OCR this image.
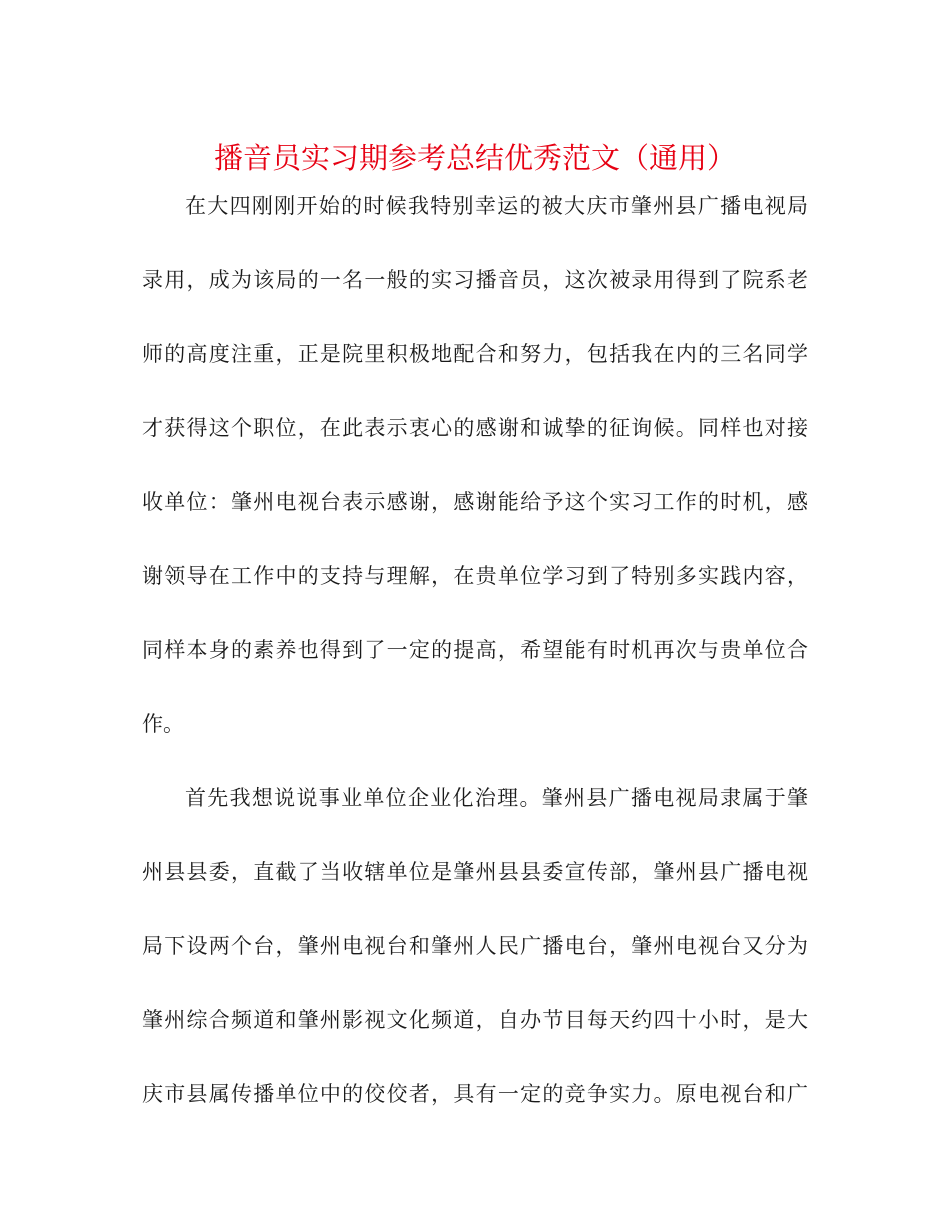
播音员实习期参考总结优秀范文（通用）

在大四刚刚开始的时候我特别幸运的被大庆市肇州县广播电视局
录用，成为该局的一名一般的实习播音员，这次被录用得到了院系老
师的高度注重，正是院里积极地配合和努力，包括我在内的三名同学
才获得这个职位，在此表示衷心的感谢和诚挚的征询候。同样也对接
收单位：肇州电视台表示感谢，感谢能给予这个实习工作的时机，感
谢领导在工作中的支持与理解，在贵单位学习到了特别多实践内容，
同样本身的素养也得到了一定的提高，希望能有时机再次与贵单位合
作。

首先我想说说事业单位企业化治理。肇州县广播电视局隶属于肇
州县县委，直截了当收辖单位是肇州县县委宣传部，肇州县广播电视
局下设两个台，肇州电视台和肇州人民广播电台，肇州电视台又分为
肇州综合频道和肇州影视文化频道，自办节目每天约四十小时，是大
庆市县属传播单位中的佼佼者，具有一定的竞争实力。原电视台和广
